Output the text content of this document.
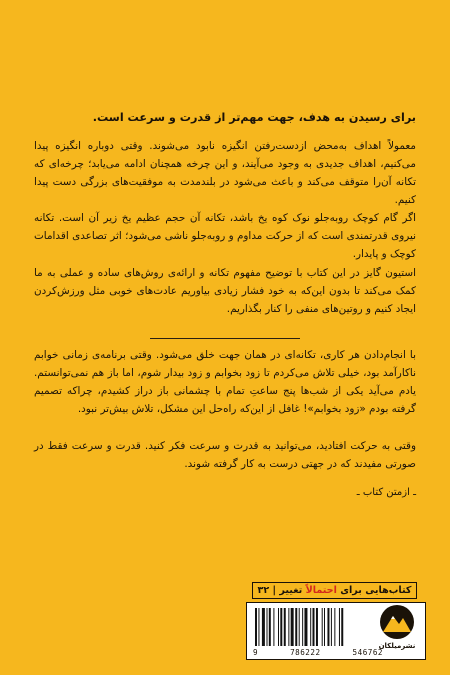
برای رسیدن به هدف، جهت مهم‌تر از قدرت و سرعت است.

معمولاً اهداف به‌محض ازدست‌رفتن انگیزه نابود می‌شوند. وقتی دوباره انگیزه پیدا می‌کنیم، اهداف جدیدی به وجود می‌آیند، و این چرخه همچنان ادامه می‌یابد؛ چرخه‌ای که تکانه آن‌را متوقف می‌کند و باعث می‌شود در بلندمدت به موفقیت‌های بزرگی دست پیدا کنیم.

اگر گام کوچک روبه‌جلو نوک کوه یخ باشد، تکانه آن حجم عظیم یخ زیر آن است. تکانه نیروی قدرتمندی است که از حرکت مداوم و روبه‌جلو ناشی می‌شود؛ اثر تصاعدی اقدامات کوچک و پایدار.

استیون گایز در این کتاب با توضیح مفهوم تکانه و ارائه‌ی روش‌های ساده و عملی به ما کمک می‌کند تا بدون این‌که به خود فشار زیادی بیاوریم عادت‌های خوبی مثل ورزش‌کردن ایجاد کنیم و روتین‌های منفی را کنار بگذاریم.

با انجام‌دادن هر کاری، تکانه‌ای در همان جهت خلق می‌شود. وقتی برنامه‌ی زمانی خوابم ناکارآمد بود، خیلی تلاش می‌کردم تا زود بخوابم و زود بیدار شوم، اما باز هم نمی‌توانستم. یادم می‌آید یکی از شب‌ها پنج ساعتِ تمام با چشمانی باز دراز کشیدم، چراکه تصمیم گرفته بودم «زود بخوابم»! غافل از این‌که راه‌حل این مشکل، تلاش بیش‌تر نبود.

وقتی به حرکت افتادید، می‌توانید به قدرت و سرعت فکر کنید. قدرت و سرعت فقط در صورتی مفیدند که در جهتی درست به کار گرفته شوند.

ـ ازمتن کتاب ـ

کتاب‌هایی برای

احتمالاً

تغییر
|
۳۲
9	786222	546762
نشرمیلکان
